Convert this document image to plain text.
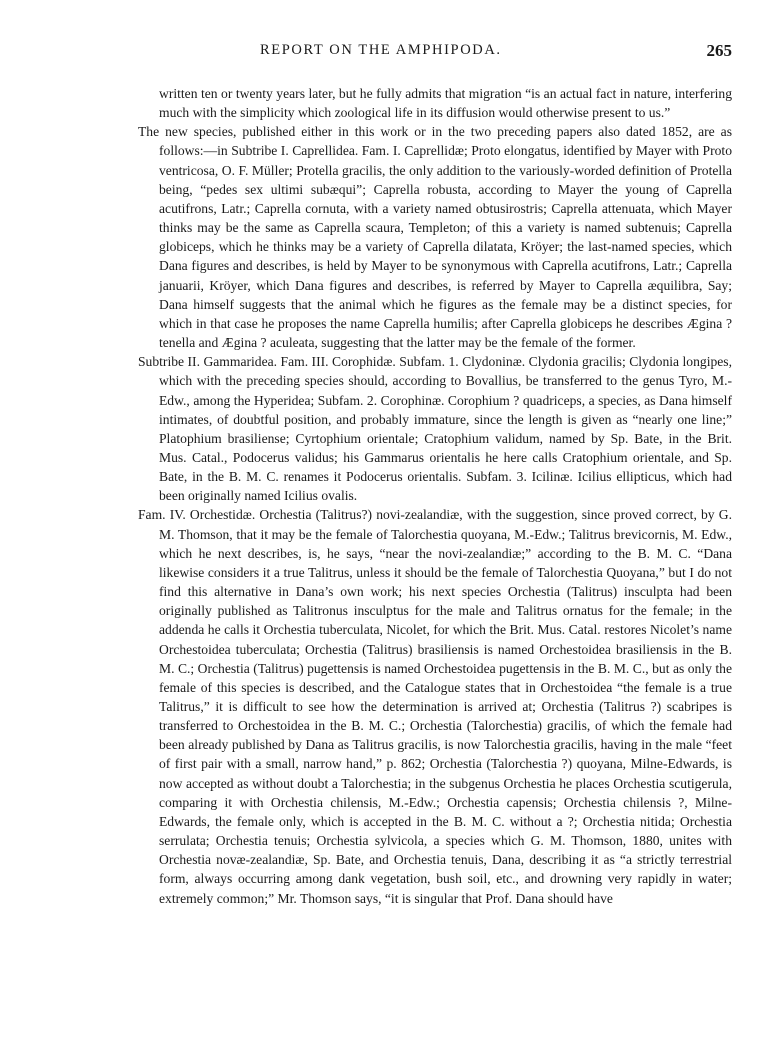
REPORT ON THE AMPHIPODA.	265

written ten or twenty years later, but he fully admits that migration “is an actual fact in nature, interfering much with the simplicity which zoological life in its diffusion would otherwise present to us.”

The new species, published either in this work or in the two preceding papers also dated 1852, are as follows:—in Subtribe I. Caprellidea. Fam. I. Caprellidæ; Proto elongatus, identified by Mayer with Proto ventricosa, O. F. Müller; Protella gracilis, the only addition to the variously-worded definition of Protella being, “pedes sex ultimi subæqui”; Caprella robusta, according to Mayer the young of Caprella acutifrons, Latr.; Caprella cornuta, with a variety named obtusirostris; Caprella attenuata, which Mayer thinks may be the same as Caprella scaura, Templeton; of this a variety is named subtenuis; Caprella globiceps, which he thinks may be a variety of Caprella dilatata, Kröyer; the last-named species, which Dana figures and describes, is held by Mayer to be synonymous with Caprella acutifrons, Latr.; Caprella januarii, Kröyer, which Dana figures and describes, is referred by Mayer to Caprella æquilibra, Say; Dana himself suggests that the animal which he figures as the female may be a distinct species, for which in that case he proposes the name Caprella humilis; after Caprella globiceps he describes Ægina ? tenella and Ægina ? aculeata, suggesting that the latter may be the female of the former.

Subtribe II. Gammaridea. Fam. III. Corophidæ. Subfam. 1. Clydoninæ. Clydonia gracilis; Clydonia longipes, which with the preceding species should, according to Bovallius, be transferred to the genus Tyro, M.-Edw., among the Hyperidea; Subfam. 2. Corophinæ. Corophium ? quadriceps, a species, as Dana himself intimates, of doubtful position, and probably immature, since the length is given as “nearly one line;” Platophium brasiliense; Cyrtophium orientale; Cratophium validum, named by Sp. Bate, in the Brit. Mus. Catal., Podocerus validus; his Gammarus orientalis he here calls Cratophium orientale, and Sp. Bate, in the B. M. C. renames it Podocerus orientalis. Subfam. 3. Icilinæ. Icilius ellipticus, which had been originally named Icilius ovalis.

Fam. IV. Orchestidæ. Orchestia (Talitrus?) novi-zealandiæ, with the suggestion, since proved correct, by G. M. Thomson, that it may be the female of Talorchestia quoyana, M.-Edw.; Talitrus brevicornis, M. Edw., which he next describes, is, he says, “near the novi-zealandiæ;” according to the B. M. C. “Dana likewise considers it a true Talitrus, unless it should be the female of Talorchestia Quoyana,” but I do not find this alternative in Dana’s own work; his next species Orchestia (Talitrus) insculpta had been originally published as Talitronus insculptus for the male and Talitrus ornatus for the female; in the addenda he calls it Orchestia tuberculata, Nicolet, for which the Brit. Mus. Catal. restores Nicolet’s name Orchestoidea tuberculata; Orchestia (Talitrus) brasiliensis is named Orchestoidea brasiliensis in the B. M. C.; Orchestia (Talitrus) pugettensis is named Orchestoidea pugettensis in the B. M. C., but as only the female of this species is described, and the Catalogue states that in Orchestoidea “the female is a true Talitrus,” it is difficult to see how the determination is arrived at; Orchestia (Talitrus ?) scabripes is transferred to Orchestoidea in the B. M. C.; Orchestia (Talorchestia) gracilis, of which the female had been already published by Dana as Talitrus gracilis, is now Talorchestia gracilis, having in the male “feet of first pair with a small, narrow hand,” p. 862; Orchestia (Talorchestia ?) quoyana, Milne-Edwards, is now accepted as without doubt a Talorchestia; in the subgenus Orchestia he places Orchestia scutigerula, comparing it with Orchestia chilensis, M.-Edw.; Orchestia capensis; Orchestia chilensis ?, Milne-Edwards, the female only, which is accepted in the B. M. C. without a ?; Orchestia nitida; Orchestia serrulata; Orchestia tenuis; Orchestia sylvicola, a species which G. M. Thomson, 1880, unites with Orchestia novæ-zealandiæ, Sp. Bate, and Orchestia tenuis, Dana, describing it as “a strictly terrestrial form, always occurring among dank vegetation, bush soil, etc., and drowning very rapidly in water; extremely common;” Mr. Thomson says, “it is singular that Prof. Dana should have
